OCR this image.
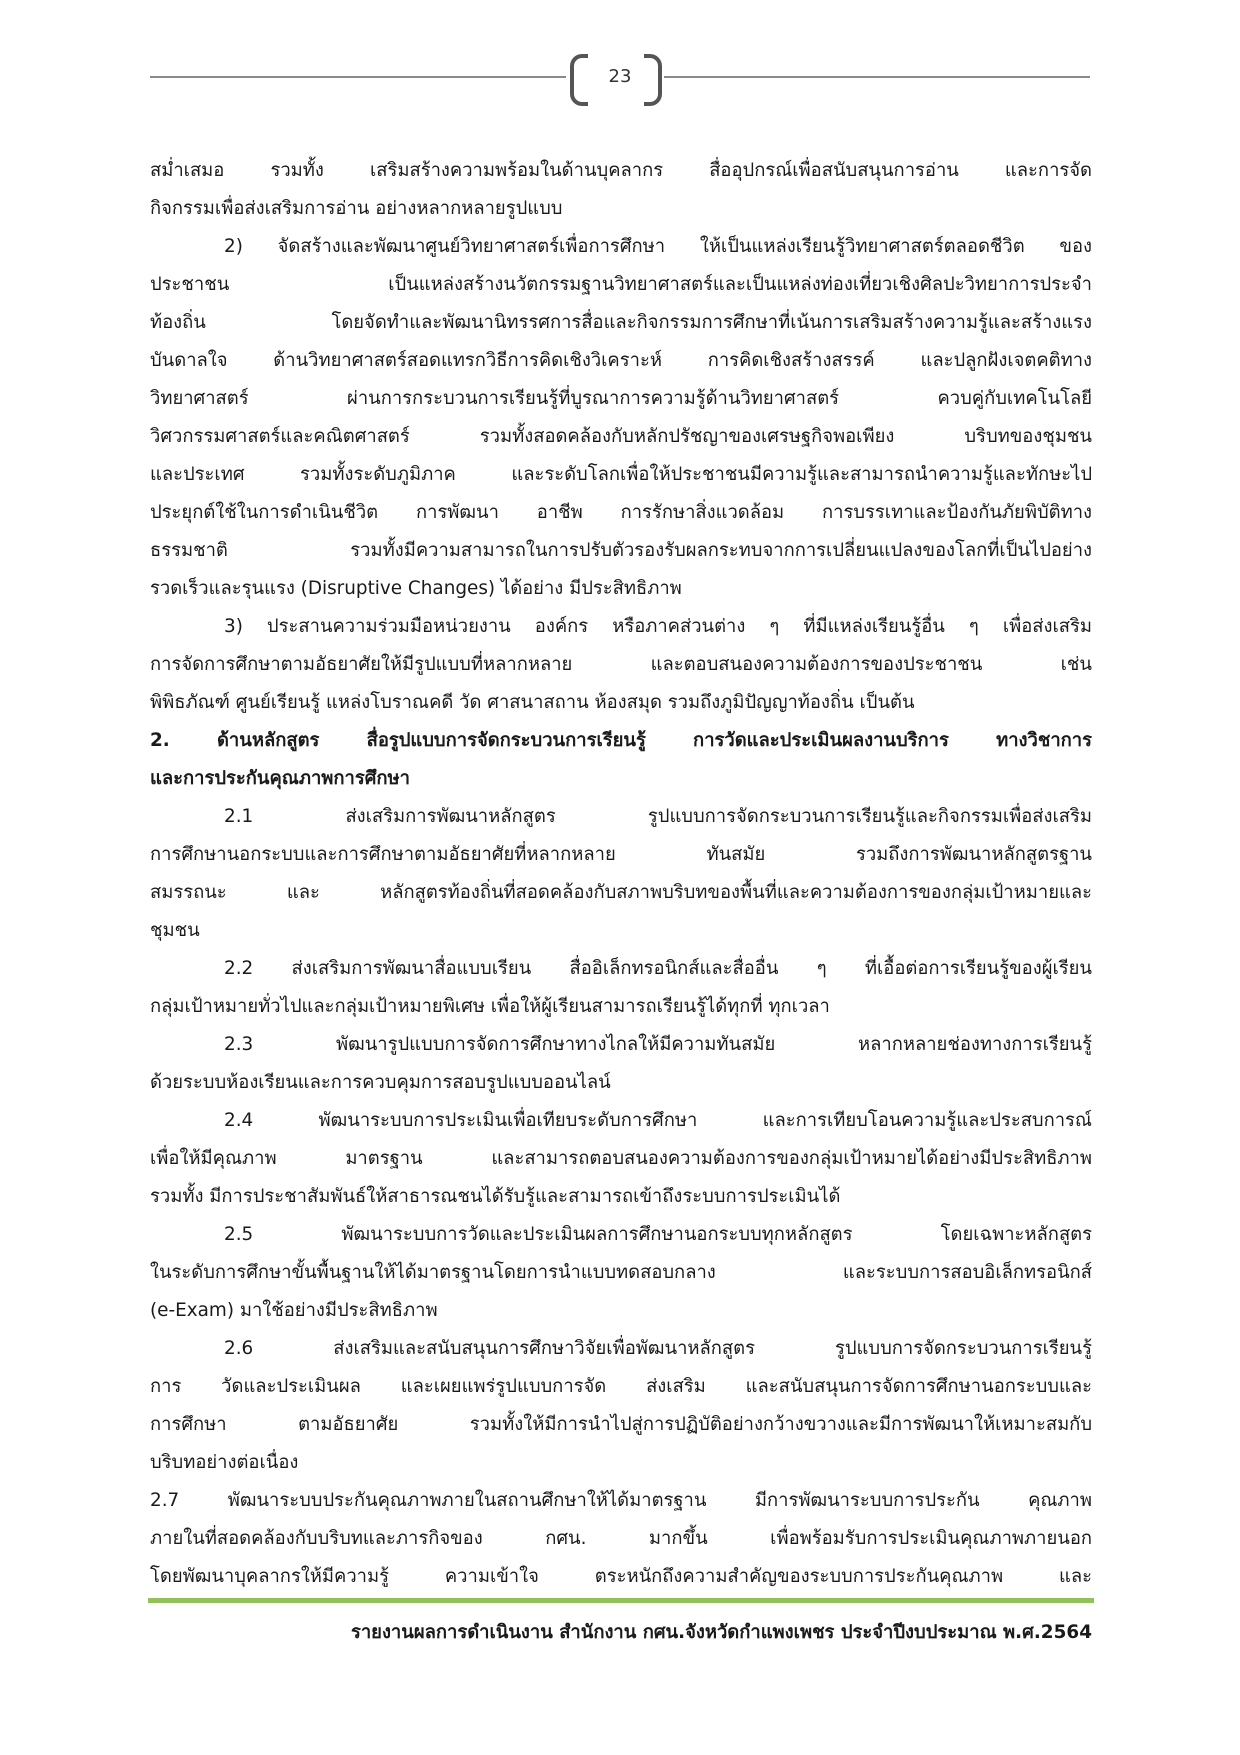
23
สม่ำเสมอ รวมทั้ง เสริมสร้างความพร้อมในด้านบุคลากร สื่ออุปกรณ์เพื่อสนับสนุนการอ่าน และการจัด
กิจกรรมเพื่อส่งเสริมการอ่าน อย่างหลากหลายรูปแบบ
2) จัดสร้างและพัฒนาศูนย์วิทยาศาสตร์เพื่อการศึกษา ให้เป็นแหล่งเรียนรู้วิทยาศาสตร์ตลอดชีวิต ของ
ประชาชน เป็นแหล่งสร้างนวัตกรรมฐานวิทยาศาสตร์และเป็นแหล่งท่องเที่ยวเชิงศิลปะวิทยาการประจำ
ท้องถิ่น โดยจัดทำและพัฒนานิทรรศการสื่อและกิจกรรมการศึกษาที่เน้นการเสริมสร้างความรู้และสร้างแรง
บันดาลใจ ด้านวิทยาศาสตร์สอดแทรกวิธีการคิดเชิงวิเคราะห์ การคิดเชิงสร้างสรรค์ และปลูกฝังเจตคติทาง
วิทยาศาสตร์ ผ่านการกระบวนการเรียนรู้ที่บูรณาการความรู้ด้านวิทยาศาสตร์ ควบคู่กับเทคโนโลยี
วิศวกรรมศาสตร์และคณิตศาสตร์ รวมทั้งสอดคล้องกับหลักปรัชญาของเศรษฐกิจพอเพียง บริบทของชุมชน
และประเทศ รวมทั้งระดับภูมิภาค และระดับโลกเพื่อให้ประชาชนมีความรู้และสามารถนำความรู้และทักษะไป
ประยุกต์ใช้ในการดำเนินชีวิต การพัฒนา อาชีพ การรักษาสิ่งแวดล้อม การบรรเทาและป้องกันภัยพิบัติทาง
ธรรมชาติ รวมทั้งมีความสามารถในการปรับตัวรองรับผลกระทบจากการเปลี่ยนแปลงของโลกที่เป็นไปอย่าง
รวดเร็วและรุนแรง (Disruptive Changes) ได้อย่าง มีประสิทธิภาพ
3) ประสานความร่วมมือหน่วยงาน องค์กร หรือภาคส่วนต่าง ๆ ที่มีแหล่งเรียนรู้อื่น ๆ เพื่อส่งเสริม
การจัดการศึกษาตามอัธยาศัยให้มีรูปแบบที่หลากหลาย และตอบสนองความต้องการของประชาชน เช่น
พิพิธภัณฑ์ ศูนย์เรียนรู้ แหล่งโบราณคดี วัด ศาสนาสถาน ห้องสมุด รวมถึงภูมิปัญญาท้องถิ่น เป็นต้น
2. ด้านหลักสูตร สื่อรูปแบบการจัดกระบวนการเรียนรู้ การวัดและประเมินผลงานบริการ ทางวิชาการ
และการประกันคุณภาพการศึกษา
2.1 ส่งเสริมการพัฒนาหลักสูตร รูปแบบการจัดกระบวนการเรียนรู้และกิจกรรมเพื่อส่งเสริม
การศึกษานอกระบบและการศึกษาตามอัธยาศัยที่หลากหลาย ทันสมัย รวมถึงการพัฒนาหลักสูตรฐาน
สมรรถนะ และ หลักสูตรท้องถิ่นที่สอดคล้องกับสภาพบริบทของพื้นที่และความต้องการของกลุ่มเป้าหมายและ
ชุมชน
2.2 ส่งเสริมการพัฒนาสื่อแบบเรียน สื่ออิเล็กทรอนิกส์และสื่ออื่น ๆ ที่เอื้อต่อการเรียนรู้ของผู้เรียน
กลุ่มเป้าหมายทั่วไปและกลุ่มเป้าหมายพิเศษ เพื่อให้ผู้เรียนสามารถเรียนรู้ได้ทุกที่ ทุกเวลา
2.3 พัฒนารูปแบบการจัดการศึกษาทางไกลให้มีความทันสมัย หลากหลายช่องทางการเรียนรู้
ด้วยระบบห้องเรียนและการควบคุมการสอบรูปแบบออนไลน์
2.4 พัฒนาระบบการประเมินเพื่อเทียบระดับการศึกษา และการเทียบโอนความรู้และประสบการณ์
เพื่อให้มีคุณภาพ มาตรฐาน และสามารถตอบสนองความต้องการของกลุ่มเป้าหมายได้อย่างมีประสิทธิภาพ
รวมทั้ง มีการประชาสัมพันธ์ให้สาธารณชนได้รับรู้และสามารถเข้าถึงระบบการประเมินได้
2.5 พัฒนาระบบการวัดและประเมินผลการศึกษานอกระบบทุกหลักสูตร โดยเฉพาะหลักสูตร
ในระดับการศึกษาขั้นพื้นฐานให้ได้มาตรฐานโดยการนำแบบทดสอบกลาง และระบบการสอบอิเล็กทรอนิกส์
(e-Exam) มาใช้อย่างมีประสิทธิภาพ
2.6 ส่งเสริมและสนับสนุนการศึกษาวิจัยเพื่อพัฒนาหลักสูตร รูปแบบการจัดกระบวนการเรียนรู้
การ วัดและประเมินผล และเผยแพร่รูปแบบการจัด ส่งเสริม และสนับสนุนการจัดการศึกษานอกระบบและ
การศึกษา ตามอัธยาศัย รวมทั้งให้มีการนำไปสู่การปฏิบัติอย่างกว้างขวางและมีการพัฒนาให้เหมาะสมกับ
บริบทอย่างต่อเนื่อง
2.7 พัฒนาระบบประกันคุณภาพภายในสถานศึกษาให้ได้มาตรฐาน มีการพัฒนาระบบการประกัน คุณภาพ
ภายในที่สอดคล้องกับบริบทและภารกิจของ กศน. มากขึ้น เพื่อพร้อมรับการประเมินคุณภาพภายนอก
โดยพัฒนาบุคลากรให้มีความรู้ ความเข้าใจ ตระหนักถึงความสำคัญของระบบการประกันคุณภาพ และ
รายงานผลการดำเนินงาน สำนักงาน กศน.จังหวัดกำแพงเพชร ประจำปีงบประมาณ พ.ศ.2564
